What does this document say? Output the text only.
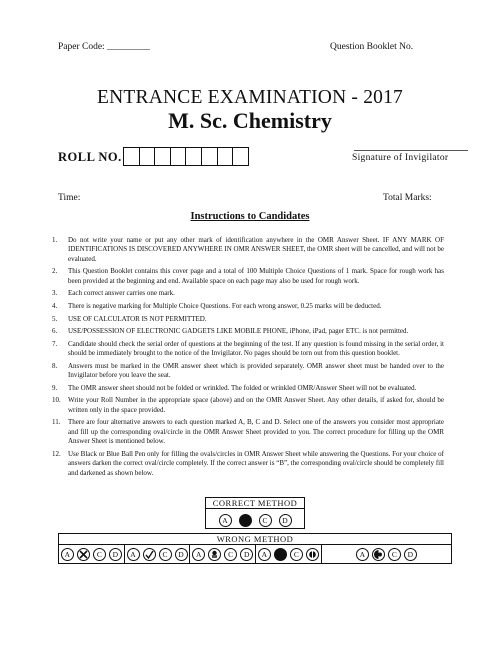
Paper Code: _________	Question Booklet No.
ENTRANCE EXAMINATION - 2017
M. Sc. Chemistry
ROLL NO.	Signature of Invigilator
Time:	Total Marks:
Instructions to Candidates
1.	Do not write your name or put any other mark of identification anywhere in the OMR Answer Sheet. IF ANY MARK OF IDENTIFICATIONS IS DISCOVERED ANYWHERE IN OMR ANSWER SHEET, the OMR sheet will be cancelled, and will not be evaluated.
2.	This Question Booklet contains this cover page and a total of 100 Multiple Choice Questions of 1 mark. Space for rough work has been provided at the beginning and end. Available space on each page may also be used for rough work.
3.	Each correct answer carries one mark.
4.	There is negative marking for Multiple Choice Questions. For each wrong answer, 0.25 marks will be deducted.
5.	USE OF CALCULATOR IS NOT PERMITTED.
6.	USE/POSSESSION OF ELECTRONIC GADGETS LIKE MOBILE PHONE, iPhone, iPad, pager ETC. is not permitted.
7.	Candidate should check the serial order of questions at the beginning of the test. If any question is found missing in the serial order, it should be immediately brought to the notice of the Invigilator. No pages should be torn out from this question booklet.
8.	Answers must be marked in the OMR answer sheet which is provided separately. OMR answer sheet must be handed over to the Invigilator before you leave the seat.
9.	The OMR answer sheet should not be folded or wrinkled. The folded or wrinkled OMR/Answer Sheet will not be evaluated.
10.	Write your Roll Number in the appropriate space (above) and on the OMR Answer Sheet. Any other details, if asked for, should be written only in the space provided.
11.	There are four alternative answers to each question marked A, B, C and D. Select one of the answers you consider most appropriate and fill up the corresponding oval/circle in the OMR Answer Sheet provided to you. The correct procedure for filling up the OMR Answer Sheet is mentioned below.
12.	Use Black or Blue Ball Pen only for filling the ovals/circles in OMR Answer Sheet while answering the Questions. For your choice of answers darken the correct oval/circle completely. If the correct answer is “B”, the corresponding oval/circle should be completely fill and darkened as shown below.
CORRECT METHOD
A	C D
WRONG METHOD
A	C	D	A	C	D	A	C	D	A	C	A	C	D
